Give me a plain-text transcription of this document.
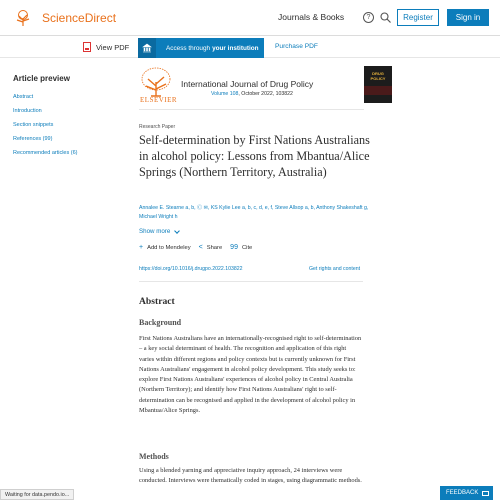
ScienceDirect	Journals & Books	?	Register	Sign in
View PDF	Access through your institution Purchase PDF
Article preview
Abstract
Introduction
Section snippets
References (99)
Recommended articles (6)
ELSEVIER
International Journal of Drug Policy
Volume 108, October 2022, 103822
DRUG POLICY
Research Paper
Self-determination by First Nations Australians in alcohol policy: Lessons from Mbantua/Alice Springs (Northern Territory, Australia)
Annalee E. Stearne a, b, Ⓒ ✉, KS Kylie Lee a, b, c, d, e, f, Steve Allsop a, b, Anthony Shakeshaft g, Michael Wright h
Show more
+ Add to Mendeley < Share 99 Cite
https://doi.org/10.1016/j.drugpo.2022.103822	Get rights and content
Abstract
Background

First Nations Australians have an internationally-recognised right to self-determination – a key social determinant of health. The recognition and application of this right varies within different regions and policy contexts but is currently unknown for First Nations Australians' engagement in alcohol policy development. This study seeks to: explore First Nations Australians' experiences of alcohol policy in Central Australia (Northern Territory); and identify how First Nations Australians' right to self-determination can be recognised and applied in the development of alcohol policy in Mbantua/Alice Springs.

Methods

Using a blended yarning and appreciative inquiry approach, 24 interviews were conducted. Interviews were thematically coded in stages, using diagrammatic methods.

Waiting for data.pendo.io...	FEEDBACK
